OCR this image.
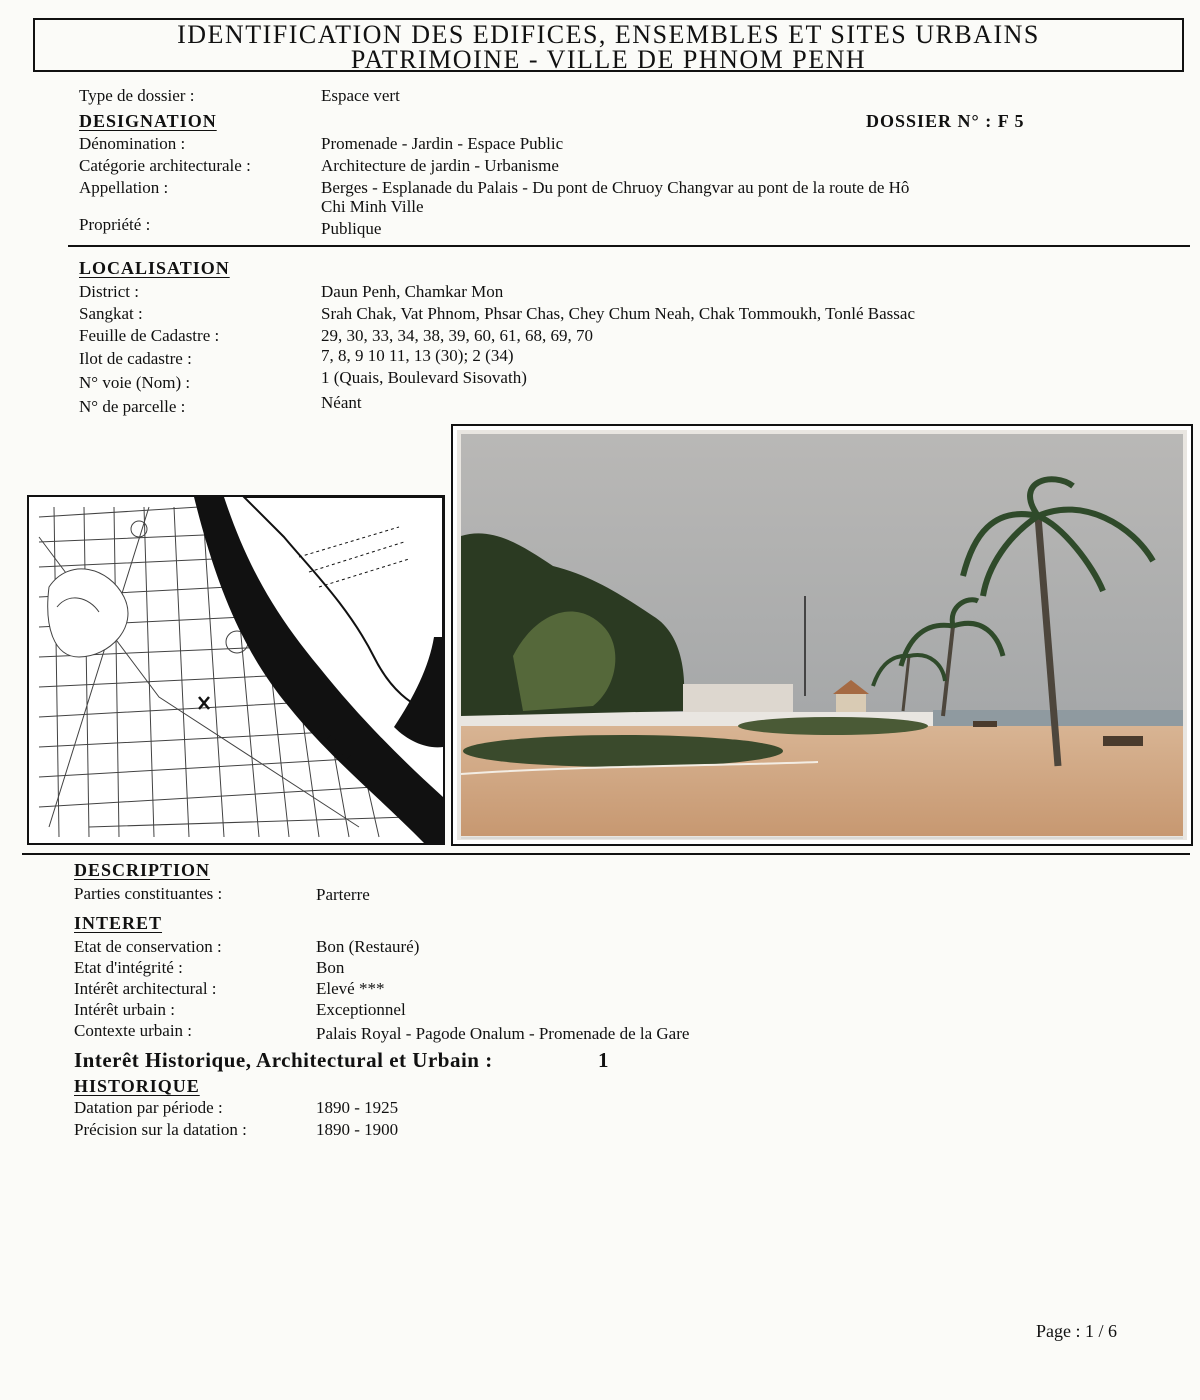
IDENTIFICATION DES EDIFICES, ENSEMBLES ET SITES URBAINS
PATRIMOINE - VILLE DE PHNOM PENH
Type de dossier :	Espace vert
DESIGNATION	DOSSIER N° : F 5
Dénomination :	Promenade - Jardin - Espace Public
Catégorie architecturale :	Architecture de jardin - Urbanisme
Appellation :	Berges - Esplanade du Palais - Du pont de Chruoy Changvar au pont de la route de Hô
Chi Minh Ville
Propriété :	Publique
LOCALISATION
District :	Daun Penh, Chamkar Mon
Sangkat :	Srah Chak, Vat Phnom, Phsar Chas, Chey Chum Neah, Chak Tommoukh, Tonlé Bassac
Feuille de Cadastre :	29, 30, 33, 34, 38, 39, 60, 61, 68, 69, 70
Ilot de cadastre :	7, 8, 9 10 11, 13 (30); 2 (34)
N° voie (Nom) :	1 (Quais, Boulevard Sisovath)
N° de parcelle :	Néant
DESCRIPTION
Parties constituantes :	Parterre
INTERET
Etat de conservation :	Bon (Restauré)
Etat d'intégrité :	Bon
Intérêt architectural :	Elevé ***
Intérêt urbain :	Exceptionnel
Contexte urbain :	Palais Royal - Pagode Onalum - Promenade de la Gare
Interêt Historique, Architectural et Urbain :	1
HISTORIQUE
Datation par période :	1890 - 1925
Précision sur la datation :	1890 - 1900
Page : 1 / 6
